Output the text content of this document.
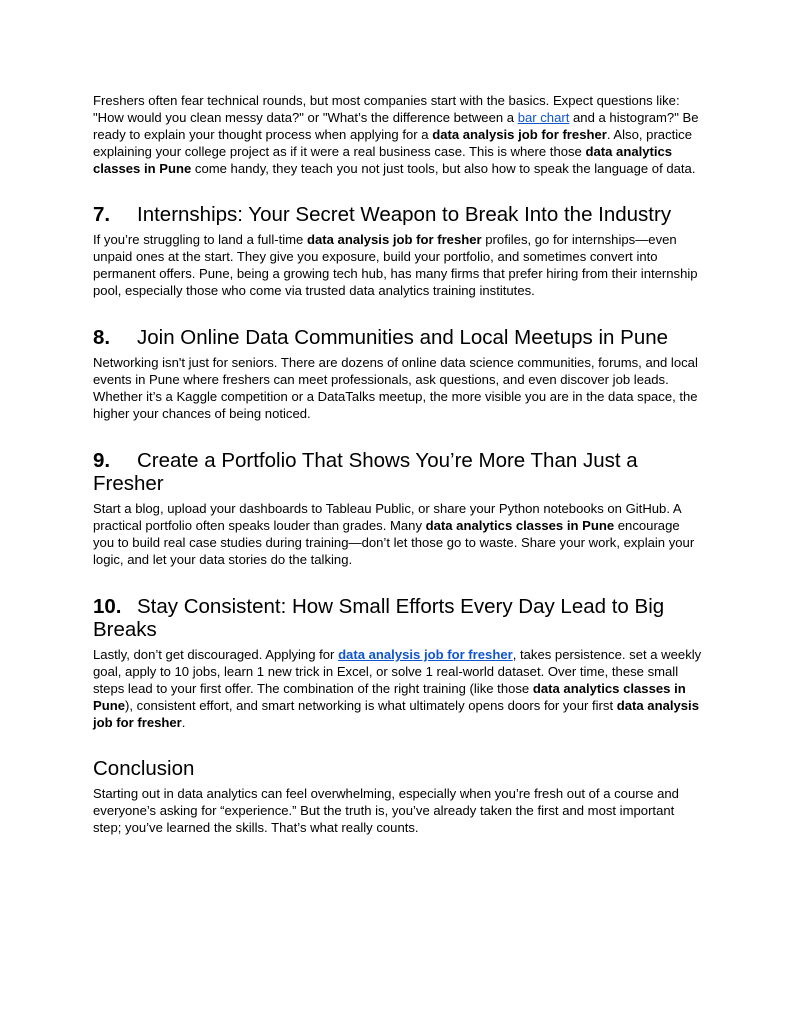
Freshers often fear technical rounds, but most companies start with the basics. Expect questions like: "How would you clean messy data?" or "What’s the difference between a bar chart and a histogram?" Be ready to explain your thought process when applying for a data analysis job for fresher. Also, practice explaining your college project as if it were a real business case. This is where those data analytics classes in Pune come handy, they teach you not just tools, but also how to speak the language of data.

7. Internships: Your Secret Weapon to Break Into the Industry

If you’re struggling to land a full-time data analysis job for fresher profiles, go for internships—even unpaid ones at the start. They give you exposure, build your portfolio, and sometimes convert into permanent offers. Pune, being a growing tech hub, has many firms that prefer hiring from their internship pool, especially those who come via trusted data analytics training institutes.

8. Join Online Data Communities and Local Meetups in Pune

Networking isn't just for seniors. There are dozens of online data science communities, forums, and local events in Pune where freshers can meet professionals, ask questions, and even discover job leads. Whether it’s a Kaggle competition or a DataTalks meetup, the more visible you are in the data space, the higher your chances of being noticed.

9. Create a Portfolio That Shows You’re More Than Just a Fresher

Start a blog, upload your dashboards to Tableau Public, or share your Python notebooks on GitHub. A practical portfolio often speaks louder than grades. Many data analytics classes in Pune encourage you to build real case studies during training—don’t let those go to waste. Share your work, explain your logic, and let your data stories do the talking.

10. Stay Consistent: How Small Efforts Every Day Lead to Big Breaks

Lastly, don’t get discouraged. Applying for data analysis job for fresher, takes persistence. set a weekly goal, apply to 10 jobs, learn 1 new trick in Excel, or solve 1 real-world dataset. Over time, these small steps lead to your first offer. The combination of the right training (like those data analytics classes in Pune), consistent effort, and smart networking is what ultimately opens doors for your first data analysis job for fresher.

Conclusion

Starting out in data analytics can feel overwhelming, especially when you’re fresh out of a course and everyone’s asking for “experience.” But the truth is, you’ve already taken the first and most important step; you’ve learned the skills. That’s what really counts.
